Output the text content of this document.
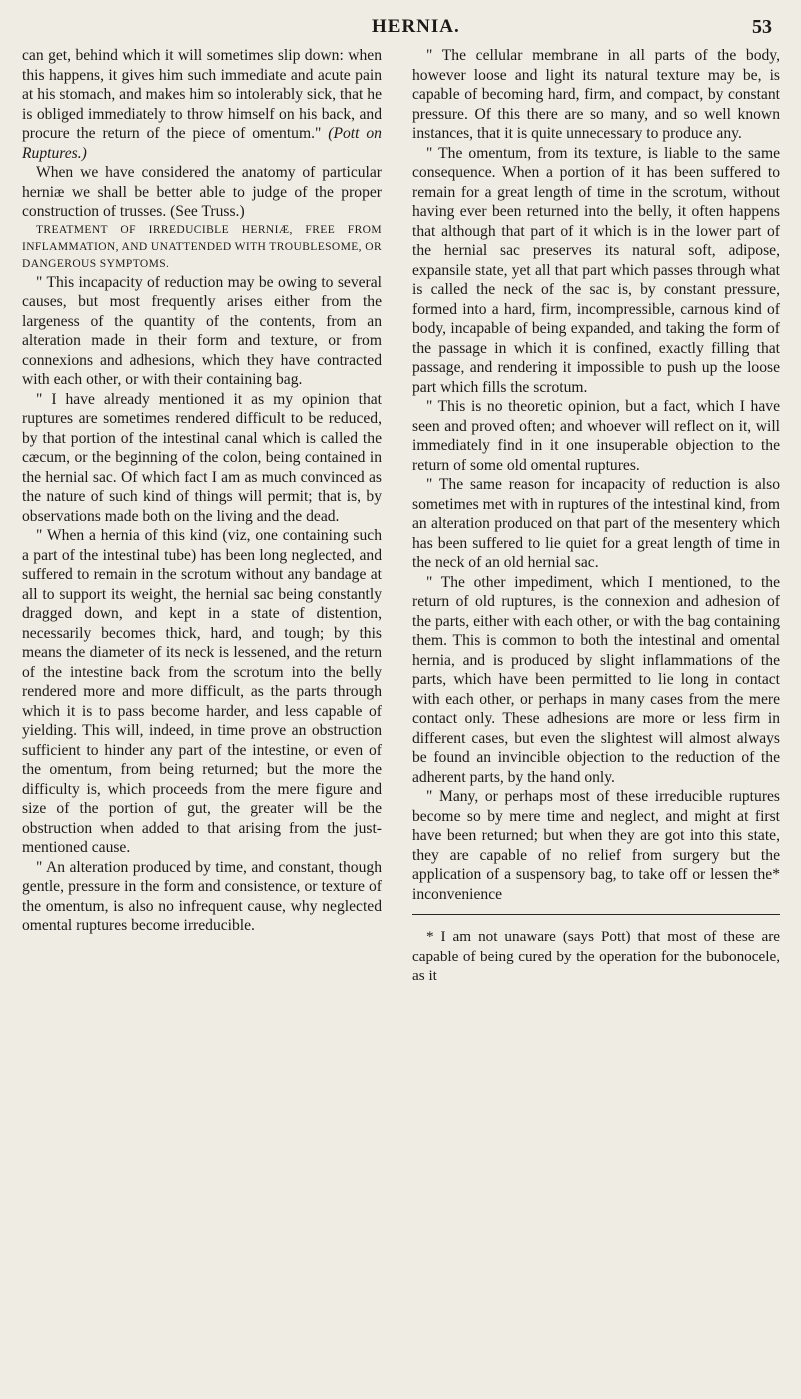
HERNIA.	53

can get, behind which it will sometimes slip down: when this happens, it gives him such immediate and acute pain at his stomach, and makes him so intolerably sick, that he is obliged immediately to throw himself on his back, and procure the return of the piece of omentum." (Pott on Ruptures.)

When we have considered the anatomy of particular herniæ we shall be better able to judge of the proper construction of trusses. (See Truss.)

TREATMENT OF IRREDUCIBLE HERNIÆ, FREE FROM INFLAMMATION, AND UNATTENDED WITH TROUBLESOME, OR DANGEROUS SYMPTOMS.

" This incapacity of reduction may be owing to several causes, but most frequently arises either from the largeness of the quantity of the contents, from an alteration made in their form and texture, or from connexions and adhesions, which they have contracted with each other, or with their containing bag.

" I have already mentioned it as my opinion that ruptures are sometimes rendered difficult to be reduced, by that portion of the intestinal canal which is called the cæcum, or the beginning of the colon, being contained in the hernial sac. Of which fact I am as much convinced as the nature of such kind of things will permit; that is, by observations made both on the living and the dead.

" When a hernia of this kind (viz, one containing such a part of the intestinal tube) has been long neglected, and suffered to remain in the scrotum without any bandage at all to support its weight, the hernial sac being constantly dragged down, and kept in a state of distention, necessarily becomes thick, hard, and tough; by this means the diameter of its neck is lessened, and the return of the intestine back from the scrotum into the belly rendered more and more difficult, as the parts through which it is to pass become harder, and less capable of yielding. This will, indeed, in time prove an obstruction sufficient to hinder any part of the intestine, or even of the omentum, from being returned; but the more the difficulty is, which proceeds from the mere figure and size of the portion of gut, the greater will be the obstruction when added to that arising from the just-mentioned cause.

" An alteration produced by time, and constant, though gentle, pressure in the form and consistence, or texture of the omentum, is also no infrequent cause, why neglected omental ruptures become irreducible.

" The cellular membrane in all parts of the body, however loose and light its natural texture may be, is capable of becoming hard, firm, and compact, by constant pressure. Of this there are so many, and so well known instances, that it is quite unnecessary to produce any.

" The omentum, from its texture, is liable to the same consequence. When a portion of it has been suffered to remain for a great length of time in the scrotum, without having ever been returned into the belly, it often happens that although that part of it which is in the lower part of the hernial sac preserves its natural soft, adipose, expansile state, yet all that part which passes through what is called the neck of the sac is, by constant pressure, formed into a hard, firm, incompressible, carnous kind of body, incapable of being expanded, and taking the form of the passage in which it is confined, exactly filling that passage, and rendering it impossible to push up the loose part which fills the scrotum.

" This is no theoretic opinion, but a fact, which I have seen and proved often; and whoever will reflect on it, will immediately find in it one insuperable objection to the return of some old omental ruptures.

" The same reason for incapacity of reduction is also sometimes met with in ruptures of the intestinal kind, from an alteration produced on that part of the mesentery which has been suffered to lie quiet for a great length of time in the neck of an old hernial sac.

" The other impediment, which I mentioned, to the return of old ruptures, is the connexion and adhesion of the parts, either with each other, or with the bag containing them. This is common to both the intestinal and omental hernia, and is produced by slight inflammations of the parts, which have been permitted to lie long in contact with each other, or perhaps in many cases from the mere contact only. These adhesions are more or less firm in different cases, but even the slightest will almost always be found an invincible objection to the reduction of the adherent parts, by the hand only.

" Many, or perhaps most of these irreducible ruptures become so by mere time and neglect, and might at first have been returned; but when they are got into this state, they are capable of no relief from surgery but the application of a suspensory bag, to take off or lessen the* inconvenience

* I am not unaware (says Pott) that most of these are capable of being cured by the operation for the bubonocele, as it
